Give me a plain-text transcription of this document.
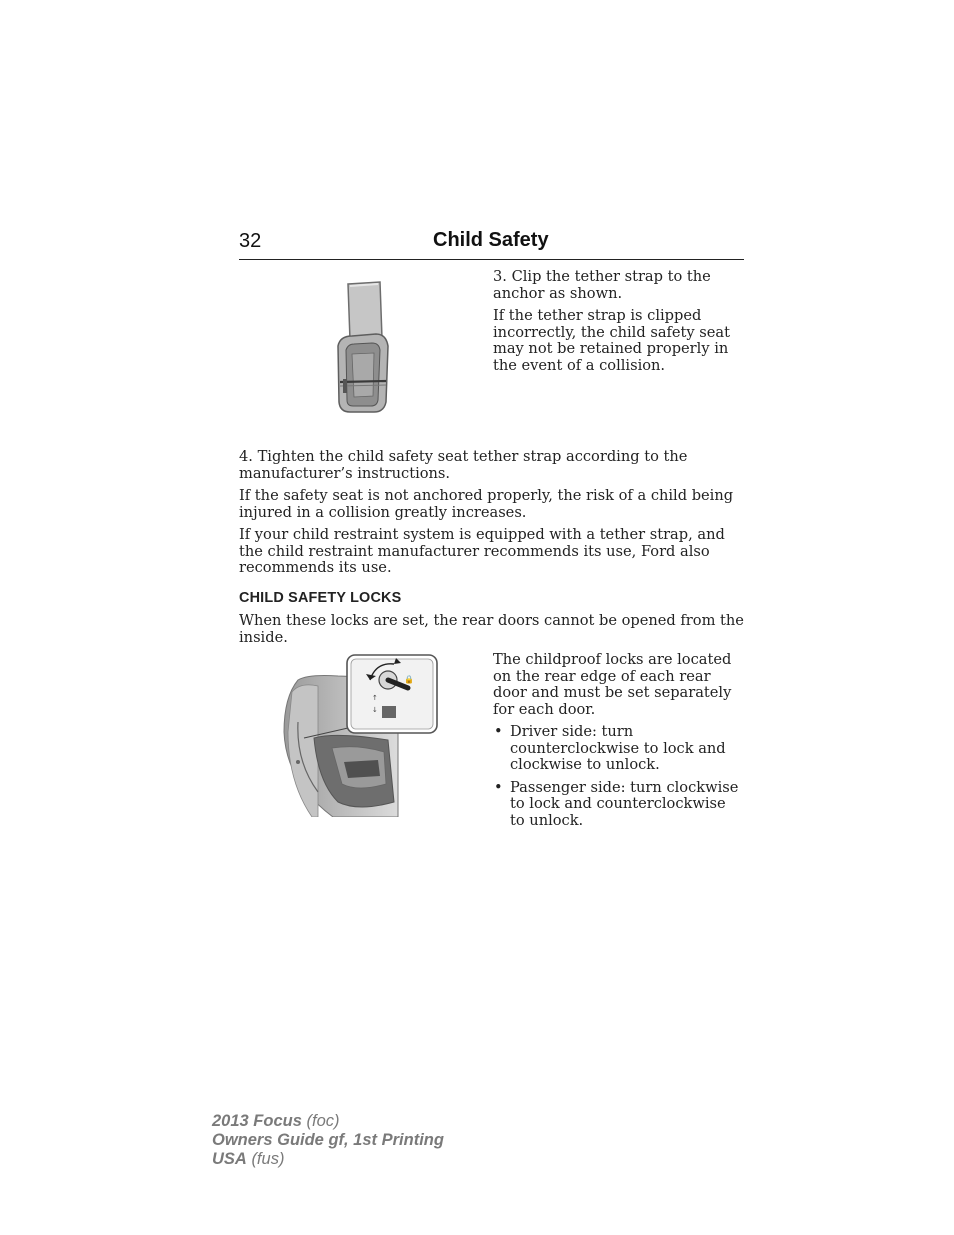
32	Child Safety

3. Clip the tether strap to the anchor as shown.

If the tether strap is clipped incorrectly, the child safety seat may not be retained properly in the event of a collision.

4. Tighten the child safety seat tether strap according to the manufacturer’s instructions.

If the safety seat is not anchored properly, the risk of a child being injured in a collision greatly increases.

If your child restraint system is equipped with a tether strap, and the child restraint manufacturer recommends its use, Ford also recommends its use.

CHILD SAFETY LOCKS

When these locks are set, the rear doors cannot be opened from the inside.

↑
↓
🔒

The childproof locks are located on the rear edge of each rear door and must be set separately for each door.

• Driver side: turn counterclockwise to lock and clockwise to unlock.
• Passenger side: turn clockwise to lock and counterclockwise to unlock.
2013 Focus (foc)
Owners Guide gf, 1st Printing
USA (fus)
